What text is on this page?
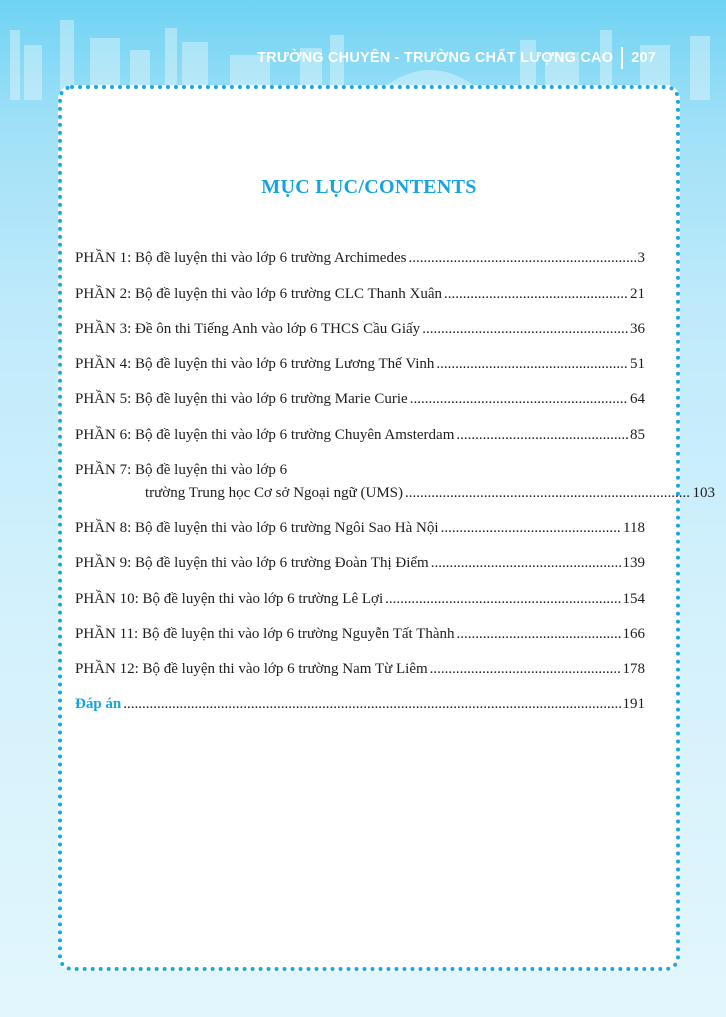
TRƯỜNG CHUYÊN - TRƯỜNG CHẤT LƯỢNG CAO 207
MỤC LỤC/CONTENTS
PHẦN 1: Bộ đề luyện thi vào lớp 6 trường Archimedes .....	3
PHẦN 2: Bộ đề luyện thi vào lớp 6 trường CLC Thanh Xuân .....	21
PHẦN 3: Đề ôn thi Tiếng Anh vào lớp 6 THCS Cầu Giấy .....	36
PHẦN 4: Bộ đề luyện thi vào lớp 6 trường Lương Thế Vinh .....	51
PHẦN 5: Bộ đề luyện thi vào lớp 6 trường Marie Curie .....	64
PHẦN 6: Bộ đề luyện thi vào lớp 6 trường Chuyên Amsterdam .....	85
PHẦN 7: Bộ đề luyện thi vào lớp 6
trường Trung học Cơ sở Ngoại ngữ (UMS) .....	103
PHẦN 8: Bộ đề luyện thi vào lớp 6 trường Ngôi Sao Hà Nội .....	118
PHẦN 9: Bộ đề luyện thi vào lớp 6 trường Đoàn Thị Điểm .....	139
PHẦN 10: Bộ đề luyện thi vào lớp 6 trường Lê Lợi .....	154
PHẦN 11: Bộ đề luyện thi vào lớp 6 trường Nguyễn Tất Thành .....	166
PHẦN 12: Bộ đề luyện thi vào lớp 6 trường Nam Từ Liêm .....	178
Đáp án .....	191
